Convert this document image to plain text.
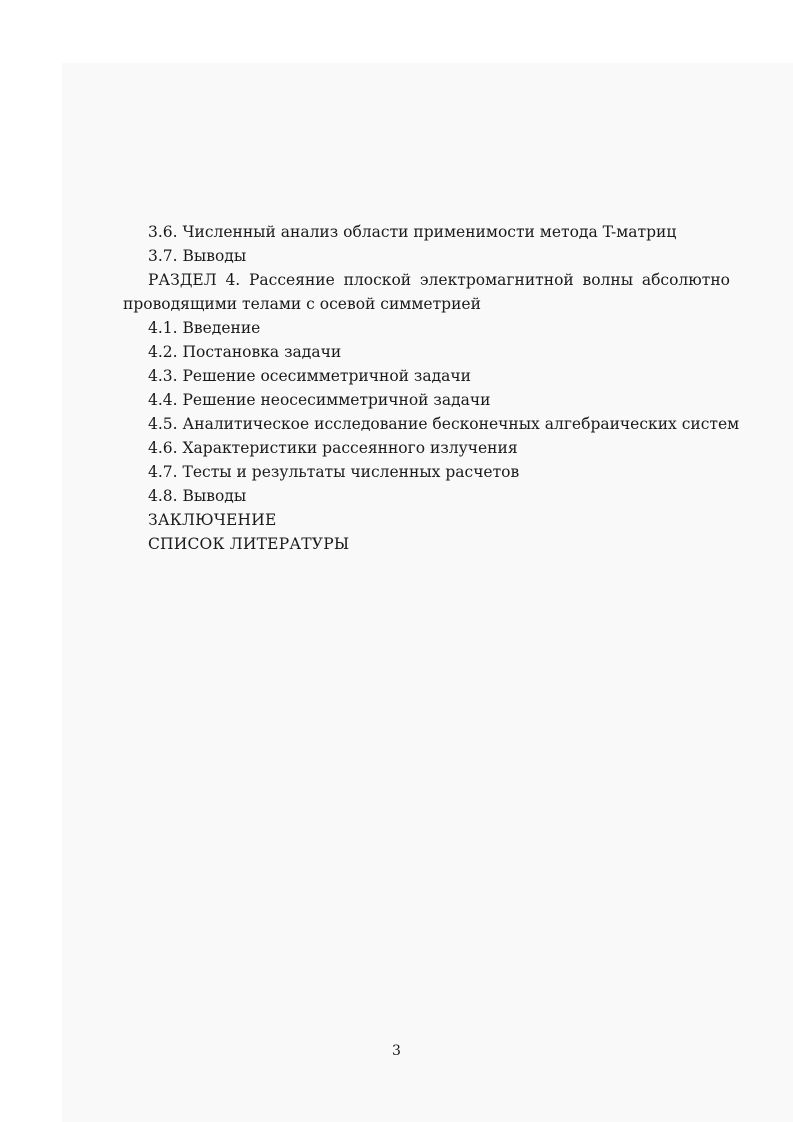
3.6. Численный анализ области применимости метода T-матриц
3.7. Выводы
РАЗДЕЛ 4. Рассеяние плоской электромагнитной волны абсолютно
проводящими телами с осевой симметрией
4.1. Введение
4.2. Постановка задачи
4.3. Решение осесимметричной задачи
4.4. Решение неосесимметричной задачи
4.5. Аналитическое исследование бесконечных алгебраических систем
4.6. Характеристики рассеянного излучения
4.7. Тесты и результаты численных расчетов
4.8. Выводы
ЗАКЛЮЧЕНИЕ
СПИСОК ЛИТЕРАТУРЫ
3
